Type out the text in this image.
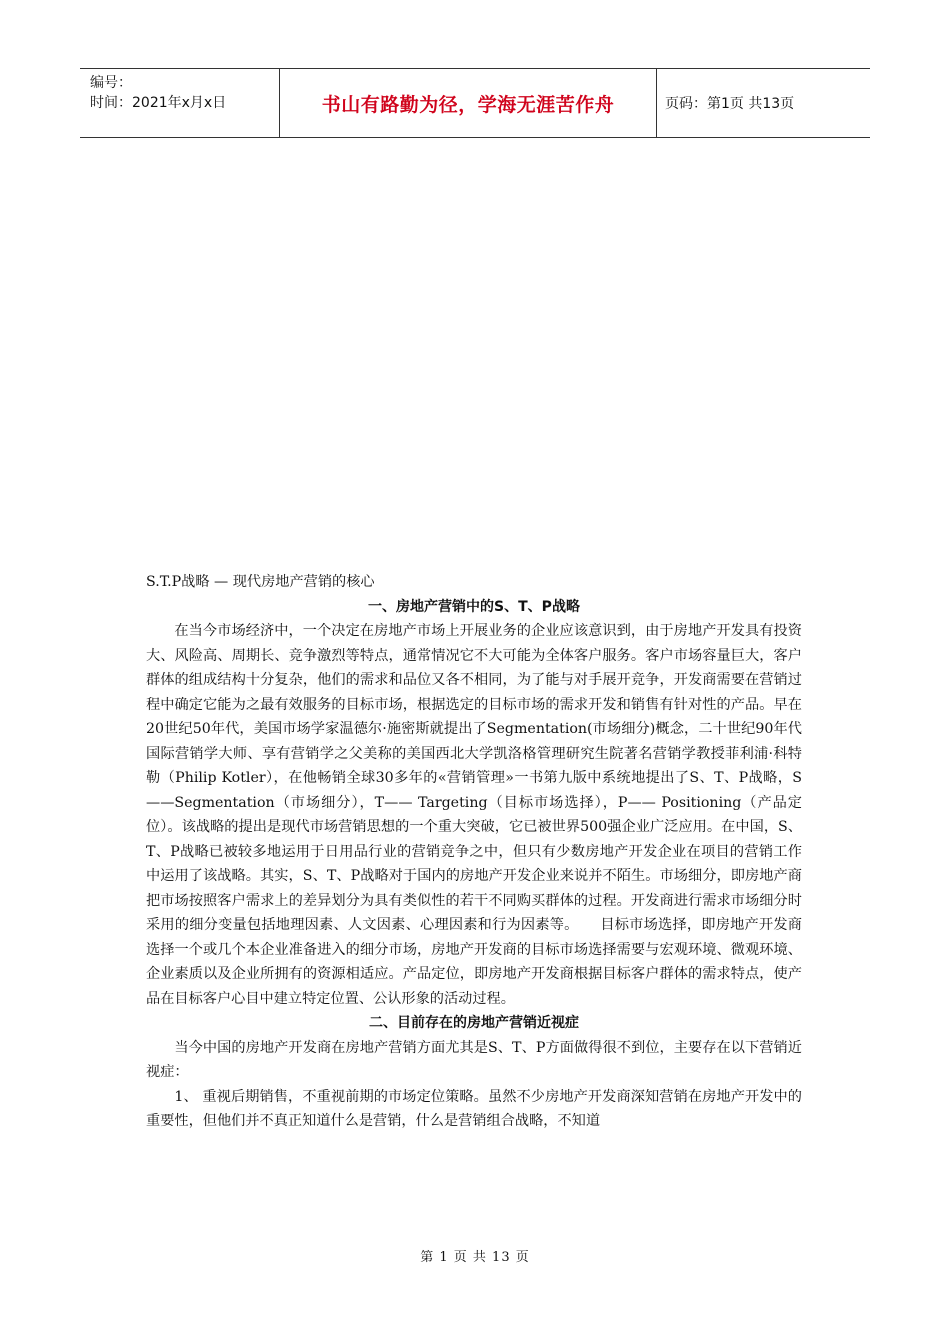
编号：
时间：2021年x月x日	书山有路勤为径，学海无涯苦作舟	页码：第1页 共13页

S.T.P战略 — 现代房地产营销的核心

一、房地产营销中的S、T、P战略

在当今市场经济中，一个决定在房地产市场上开展业务的企业应该意识到，由于房地产开发具有投资大、风险高、周期长、竞争激烈等特点，通常情况它不大可能为全体客户服务。客户市场容量巨大，客户群体的组成结构十分复杂，他们的需求和品位又各不相同，为了能与对手展开竞争，开发商需要在营销过程中确定它能为之最有效服务的目标市场，根据选定的目标市场的需求开发和销售有针对性的产品。早在20世纪50年代，美国市场学家温德尔·施密斯就提出了Segmentation(市场细分)概念，二十世纪90年代国际营销学大师、享有营销学之父美称的美国西北大学凯洛格管理研究生院著名营销学教授菲利浦·科特勒（Philip Kotler），在他畅销全球30多年的«营销管理»一书第九版中系统地提出了S、T、P战略，S——Segmentation（市场细分），T—— Targeting（目标市场选择），P—— Positioning（产品定位）。该战略的提出是现代市场营销思想的一个重大突破，它已被世界500强企业广泛应用。在中国，S、T、P战略已被较多地运用于日用品行业的营销竞争之中，但只有少数房地产开发企业在项目的营销工作中运用了该战略。其实，S、T、P战略对于国内的房地产开发企业来说并不陌生。市场细分，即房地产商把市场按照客户需求上的差异划分为具有类似性的若干不同购买群体的过程。开发商进行需求市场细分时采用的细分变量包括地理因素、人文因素、心理因素和行为因素等。　　目标市场选择，即房地产开发商选择一个或几个本企业准备进入的细分市场，房地产开发商的目标市场选择需要与宏观环境、微观环境、企业素质以及企业所拥有的资源相适应。产品定位，即房地产开发商根据目标客户群体的需求特点，使产品在目标客户心目中建立特定位置、公认形象的活动过程。

二、目前存在的房地产营销近视症

当今中国的房地产开发商在房地产营销方面尤其是S、T、P方面做得很不到位，主要存在以下营销近视症：

1、 重视后期销售，不重视前期的市场定位策略。虽然不少房地产开发商深知营销在房地产开发中的重要性，但他们并不真正知道什么是营销，什么是营销组合战略，不知道

第 1 页 共 13 页
